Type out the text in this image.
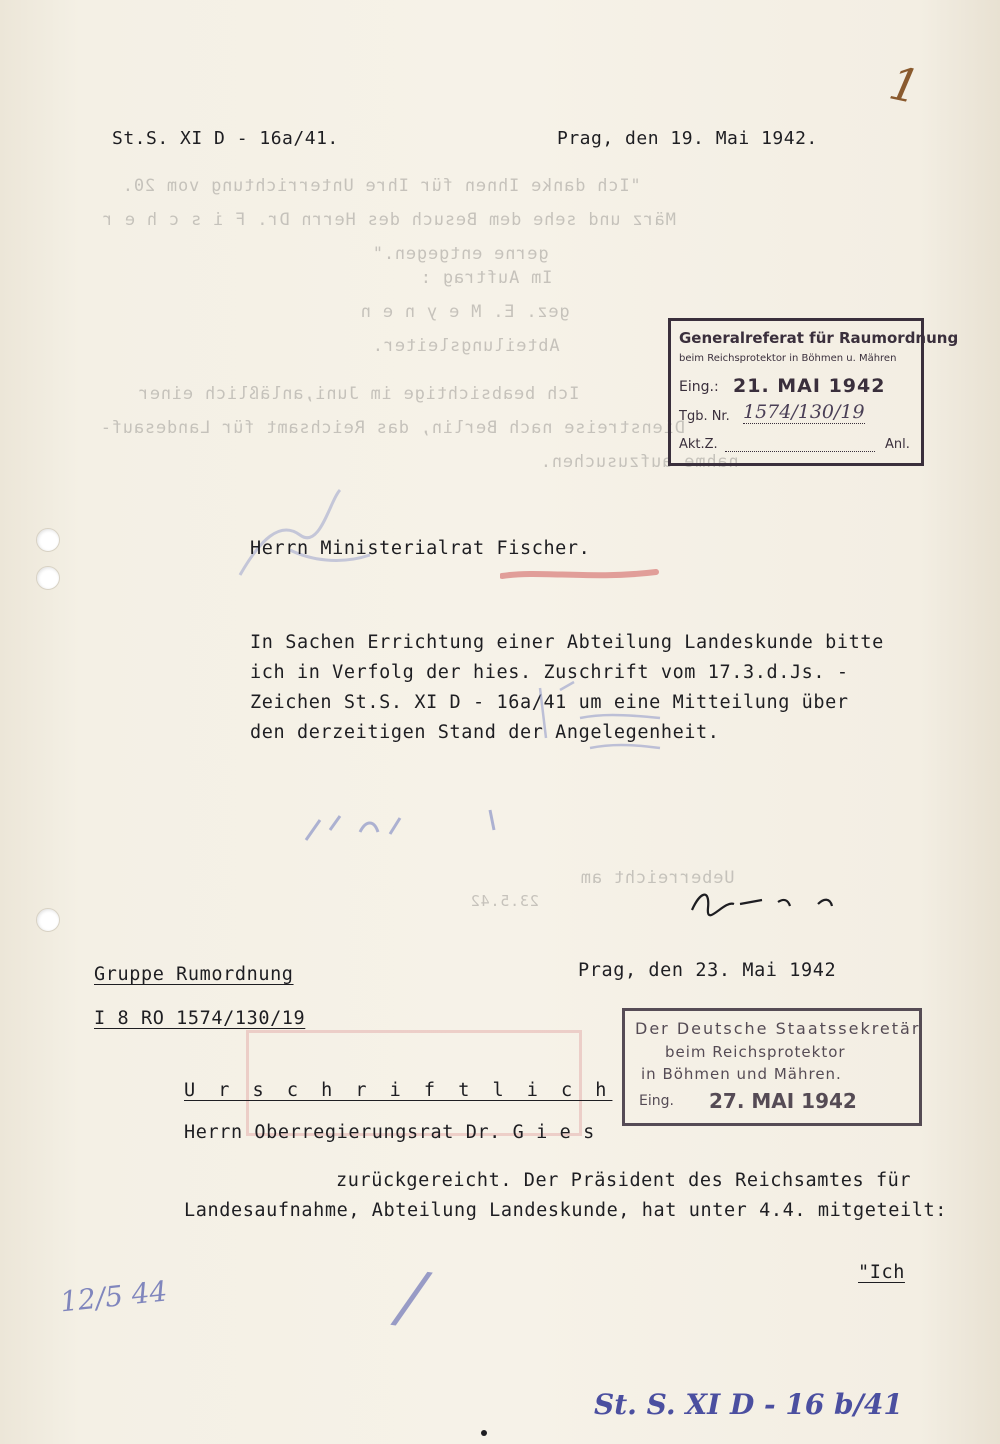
1
St.S. XI D - 16a/41.	Prag, den 19. Mai 1942.
"Ich danke Ihnen für Ihre Unterrichtung vom 20.
März und sehe dem Besuch des Herrn Dr. F i s c h e r
gerne entgegen."
Im Auftrag :
gez. E. M e y n e n
Abteilungsleiter.
Ich beabsichtige im Juni,anläßlich einer
Dienstreise nach Berlin, das Reichsamt für Landesauf-
nahme aufzusuchen.
Ueberreicht am
23.5.42
Generalreferat für Raumordnung
beim Reichsprotektor in Böhmen u. Mähren
Eing.: 21. MAI 1942
Tgb. Nr. 1574/130/19
Akt.Z.	Anl.
Herrn Ministerialrat Fischer.
In Sachen Errichtung einer Abteilung Landeskunde bitte
ich in Verfolg der hies. Zuschrift vom 17.3.d.Js. -
Zeichen St.S. XI D - 16a/41 um eine Mitteilung über
den derzeitigen Stand der Angelegenheit.
Gruppe Rumordnung	Prag, den 23. Mai 1942
I 8 RO 1574/130/19	Der Deutsche Staatssekretär
beim Reichsprotektor
in Böhmen und Mähren.
Eing. 27. MAI 1942
U r s c h r i f t l i c h
Herrn Oberregierungsrat Dr. G i e s
zurückgereicht. Der Präsident des Reichsamtes für
Landesaufnahme, Abteilung Landeskunde, hat unter 4.4. mitgeteilt:
"Ich
12/5 44	/
St. S. XI D - 16 b/41
